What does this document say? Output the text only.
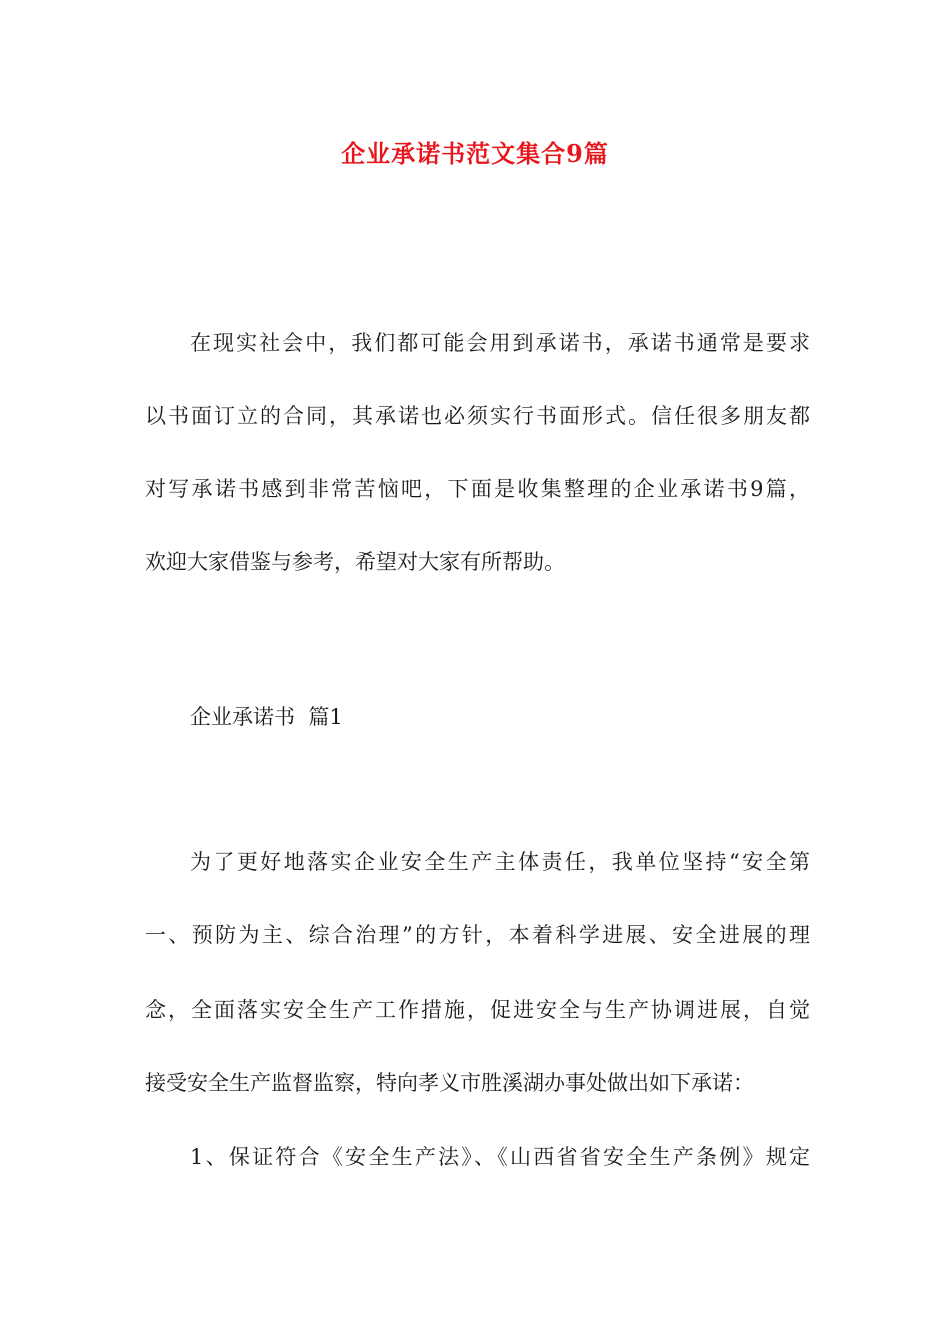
企业承诺书范文集合9篇
在现实社会中，我们都可能会用到承诺书，承诺书通常是要求
以书面订立的合同，其承诺也必须实行书面形式。信任很多朋友都
对写承诺书感到非常苦恼吧，下面是收集整理的企业承诺书9篇，
欢迎大家借鉴与参考，希望对大家有所帮助。
企业承诺书  篇1
为了更好地落实企业安全生产主体责任，我单位坚持“安全第
一、预防为主、综合治理”的方针，本着科学进展、安全进展的理
念，全面落实安全生产工作措施，促进安全与生产协调进展，自觉
接受安全生产监督监察，特向孝义市胜溪湖办事处做出如下承诺：
1、保证符合《安全生产法》、《山西省省安全生产条例》规定
